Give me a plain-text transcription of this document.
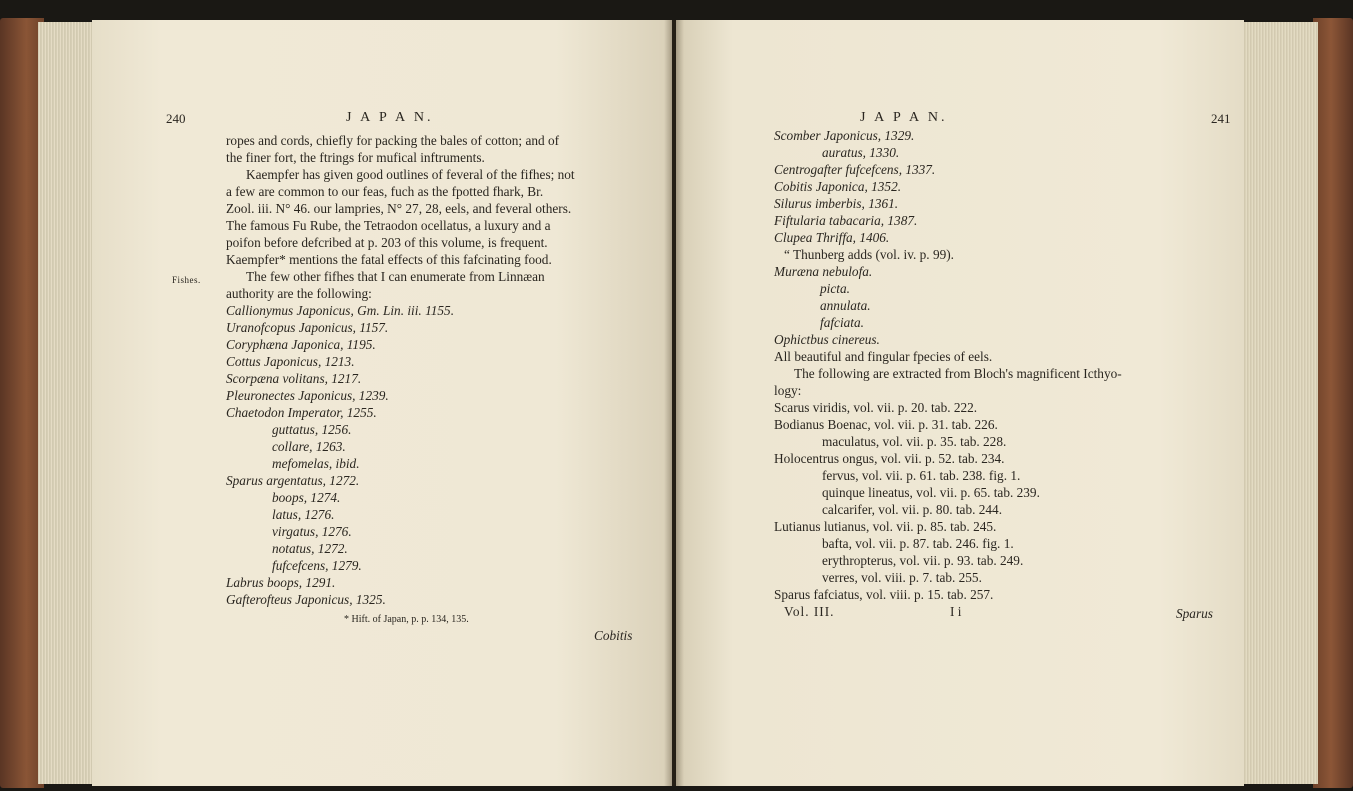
240	J A P A N.
ropes and cords, chiefly for packing the bales of cotton; and of
the finer fort, the ftrings for mufical inftruments.
Kaempfer has given good outlines of feveral of the fifhes; not
a few are common to our feas, fuch as the fpotted fhark, Br.
Zool. iii. N° 46. our lampries, N° 27, 28, eels, and feveral others.
The famous Fu Rube, the Tetraodon ocellatus, a luxury and a
poifon before defcribed at p. 203 of this volume, is frequent.
Kaempfer* mentions the fatal effects of this fafcinating food.
Fishes.	The few other fifhes that I can enumerate from Linnæan
authority are the following:
Callionymus Japonicus, Gm. Lin. iii. 1155.
Uranofcopus Japonicus, 1157.
Coryphæna Japonica, 1195.
Cottus Japonicus, 1213.
Scorpæna volitans, 1217.
Pleuronectes Japonicus, 1239.
Chaetodon Imperator, 1255.
guttatus, 1256.
collare, 1263.
mefomelas, ibid.
Sparus argentatus, 1272.
boops, 1274.
latus, 1276.
virgatus, 1276.
notatus, 1272.
fufcefcens, 1279.
Labrus boops, 1291.
Gafterofteus Japonicus, 1325.
* Hift. of Japan, p. p. 134, 135.
Cobitis
J A P A N.	241
Scomber Japonicus, 1329.
auratus, 1330.
Centrogafter fufcefcens, 1337.
Cobitis Japonica, 1352.
Silurus imberbis, 1361.
Fiftularia tabacaria, 1387.
Clupea Thriffa, 1406.
“ Thunberg adds (vol. iv. p. 99).
Muræna nebulofa.
picta.
annulata.
fafciata.
Ophictbus cinereus.
All beautiful and fingular fpecies of eels.
The following are extracted from Bloch's magnificent Icthyo-
logy:
Scarus viridis, vol. vii. p. 20. tab. 222.
Bodianus Boenac, vol. vii. p. 31. tab. 226.
maculatus, vol. vii. p. 35. tab. 228.
Holocentrus ongus, vol. vii. p. 52. tab. 234.
fervus, vol. vii. p. 61. tab. 238. fig. 1.
quinque lineatus, vol. vii. p. 65. tab. 239.
calcarifer, vol. vii. p. 80. tab. 244.
Lutianus lutianus, vol. vii. p. 85. tab. 245.
bafta, vol. vii. p. 87. tab. 246. fig. 1.
erythropterus, vol. vii. p. 93. tab. 249.
verres, vol. viii. p. 7. tab. 255.
Sparus fafciatus, vol. viii. p. 15. tab. 257.
Vol. III.	I i	Sparus
